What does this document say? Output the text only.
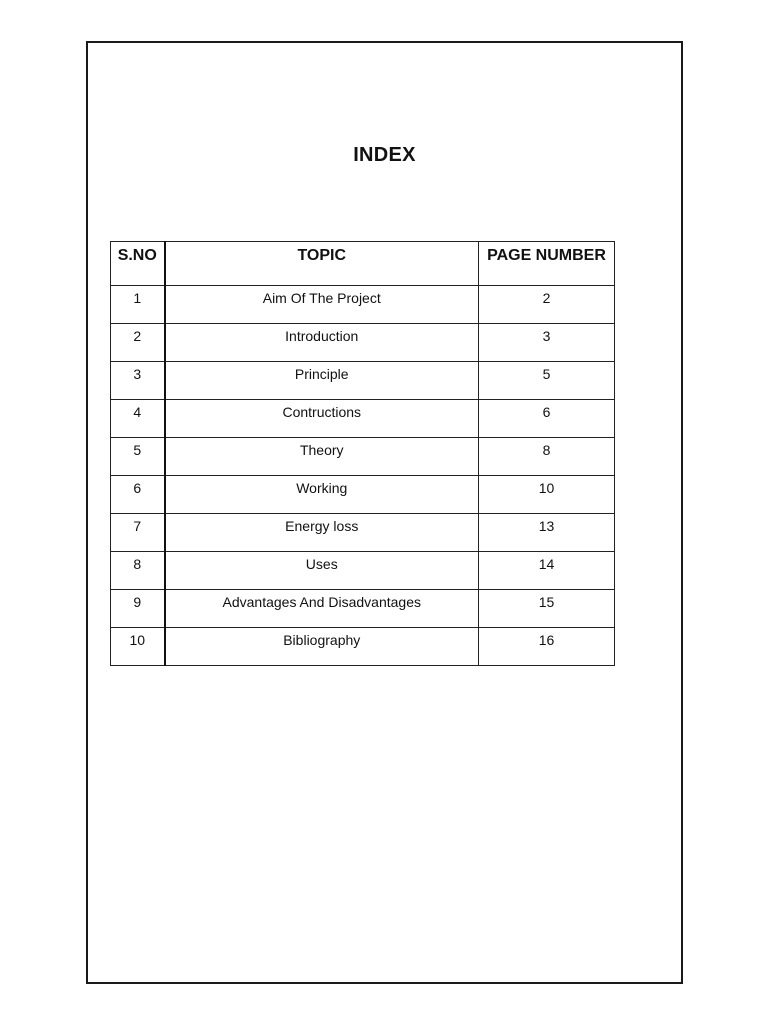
INDEX
S.NO	TOPIC	PAGE NUMBER
1	Aim Of The Project	2
2	Introduction	3
3	Principle	5
4	Contructions	6
5	Theory	8
6	Working	10
7	Energy loss	13
8	Uses	14
9	Advantages And Disadvantages	15
10	Bibliography	16
